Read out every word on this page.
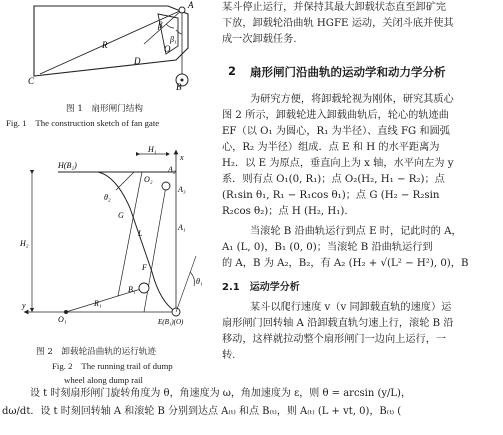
A
B
C
D
O
R
β
β₁
图 1　扇形闸门结构
Fig. 1　The construction sketch of fan gate
H₁
x
y
H₂
H(B₂)
O₂
A₂
A₃
A₁
θ₂
G
F
B₁
R₁
θ₁
O₁
L
E(B₁)(O)
图 2　卸载轮沿曲轨的运行轨迹
Fig. 2　The running trail of dump
wheel along dump rail
某斗停止运行，并保持其最大卸载状态直至卸矿完
下放，卸载轮沿曲轨 HGFE 运动，关闭斗底并使其
成一次卸载任务.
2 扇形闸门沿曲轨的运动学和动力学分析
为研究方便，将卸载轮视为刚体，研究其质心
图 2 所示，卸载轮进入卸载曲轨后，轮心的轨迹曲
EF（以 O₁ 为圆心，R₁ 为半径）、直线 FG 和圆弧
心，R₂ 为半径）组成．点 E 和 H 的水平距离为
H₂．以 E 为原点，垂直向上为 x 轴，水平向左为 y
系．则有点 O₁(0, R₁)；点 O₂(H₂, H₁ − R₂)；点
(R₁sin θ₁, R₁ − R₁cos θ₁)；点 G (H₂ − R₂sin
R₂cos θ₂)；点 H (H₂, H₁).
当滚轮 B 沿曲轨运行到点 E 时，记此时的 A，
A₁ (L, 0)，B₁ (0, 0)；当滚轮 B 沿曲轨运行到
的 A，B 为 A₂，B₂，有 A₂ (H₂ + √(L² − H²), 0)，B
2.1　运动学分析
某斗以爬行速度 v（v 同卸载直轨的速度）运
扇形闸门回转轴 A 沿卸载直轨匀速上行，滚轮 B 沿
移动，这样就拉动整个扇形闸门一边向上运行，一
转.
设 t 时刻扇形闸门旋转角度为 θ，角速度为 ω，角加速度为 ε，则 θ = arcsin (y/L)，
dω/dt．设 t 时刻回转轴 A 和滚轮 B 分别到达点 A₍ₜ₎ 和点 B₍ₜ₎，则 A₍ₜ₎ (L + vt, 0)，B₍ₜ₎ (
